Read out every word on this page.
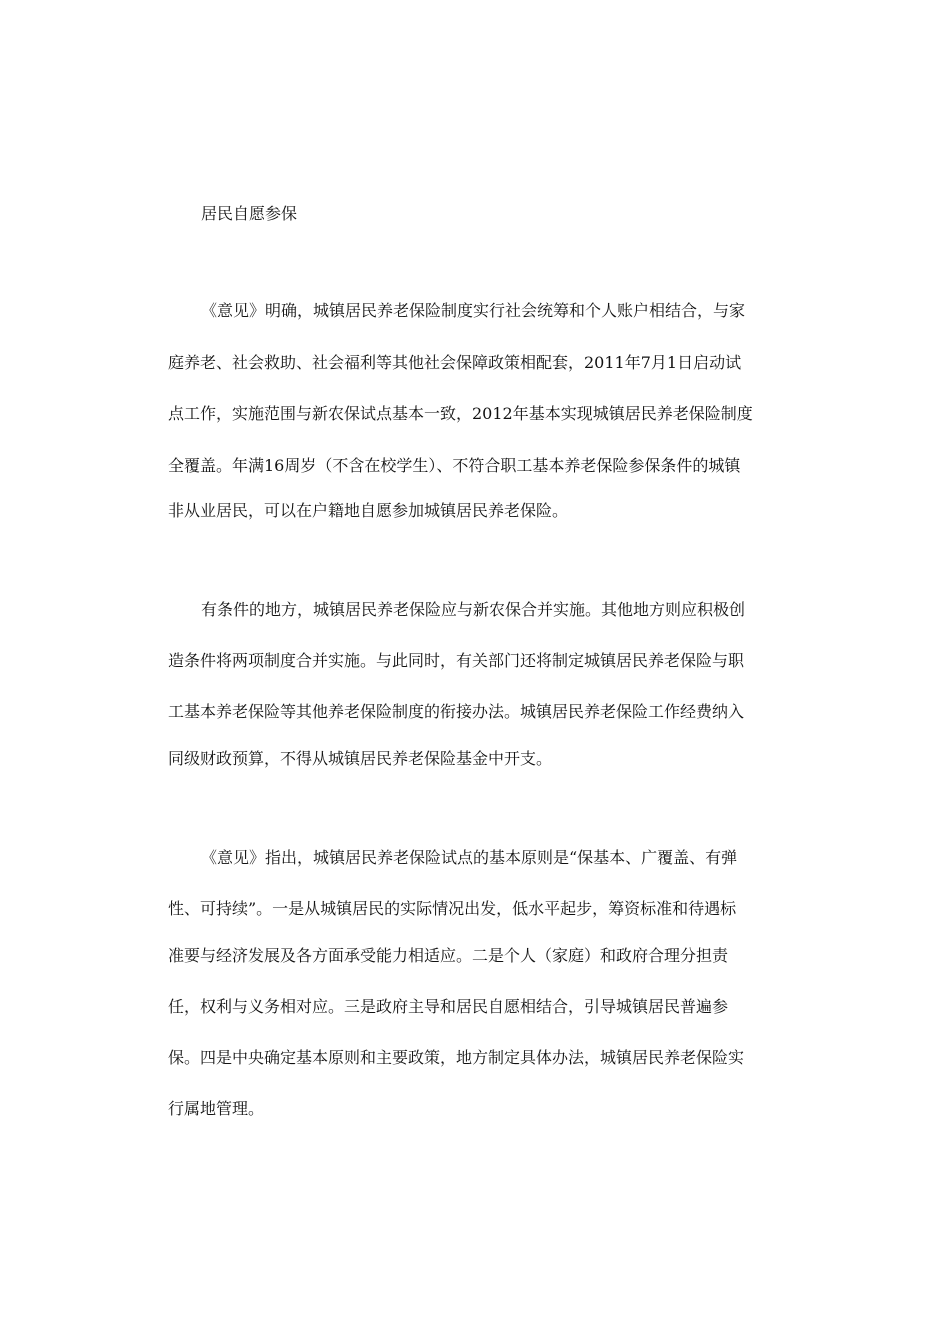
居民自愿参保

《意见》明确，城镇居民养老保险制度实行社会统筹和个人账户相结合，与家

庭养老、社会救助、社会福利等其他社会保障政策相配套，2011年7月1日启动试

点工作，实施范围与新农保试点基本一致，2012年基本实现城镇居民养老保险制度

全覆盖。年满16周岁（不含在校学生）、不符合职工基本养老保险参保条件的城镇

非从业居民，可以在户籍地自愿参加城镇居民养老保险。

有条件的地方，城镇居民养老保险应与新农保合并实施。其他地方则应积极创

造条件将两项制度合并实施。与此同时，有关部门还将制定城镇居民养老保险与职

工基本养老保险等其他养老保险制度的衔接办法。城镇居民养老保险工作经费纳入

同级财政预算，不得从城镇居民养老保险基金中开支。

《意见》指出，城镇居民养老保险试点的基本原则是“保基本、广覆盖、有弹

性、可持续”。一是从城镇居民的实际情况出发，低水平起步，筹资标准和待遇标

准要与经济发展及各方面承受能力相适应。二是个人（家庭）和政府合理分担责

任，权利与义务相对应。三是政府主导和居民自愿相结合，引导城镇居民普遍参

保。四是中央确定基本原则和主要政策，地方制定具体办法，城镇居民养老保险实

行属地管理。
